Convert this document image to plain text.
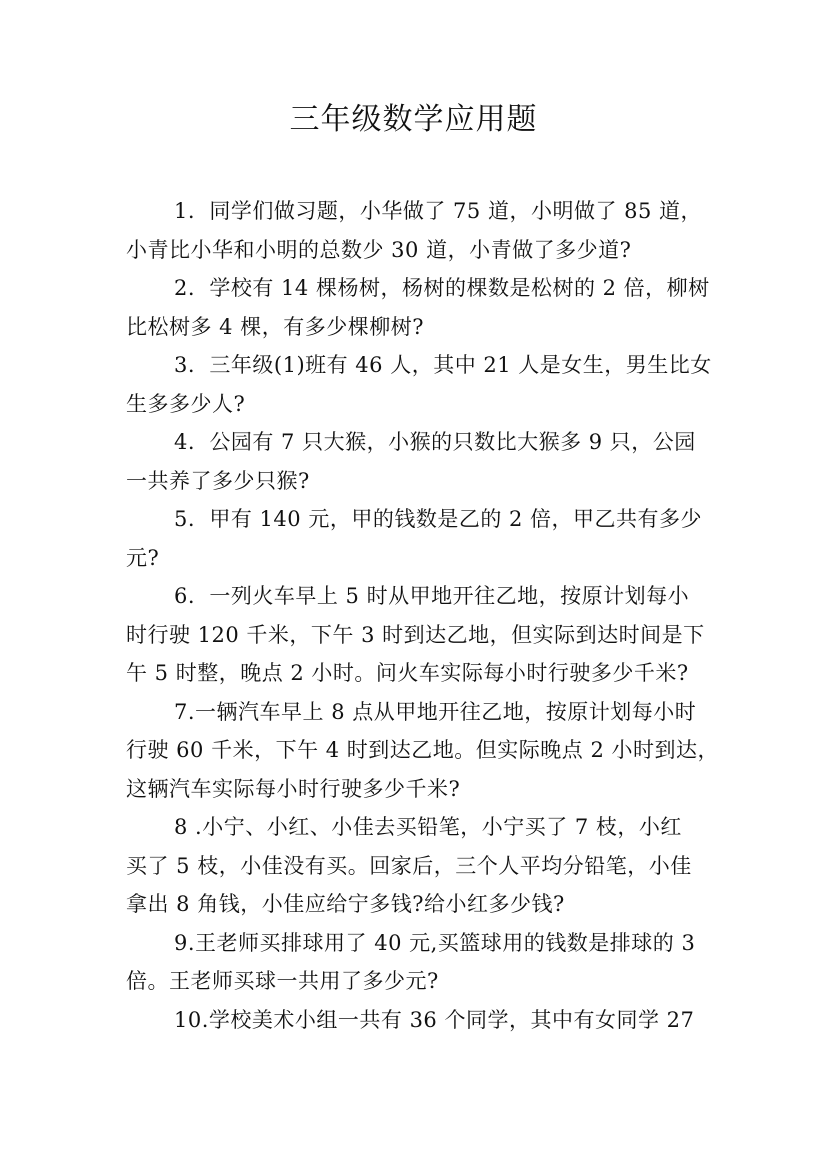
三年级数学应用题
1.  同学们做习题，小华做了 75 道，小明做了 85 道，
小青比小华和小明的总数少 30 道，小青做了多少道?
2.  学校有 14 棵杨树，杨树的棵数是松树的 2 倍，柳树
比松树多 4 棵，有多少棵柳树?
3.  三年级(1)班有 46 人，其中 21 人是女生，男生比女
生多多少人?
4.  公园有 7 只大猴，小猴的只数比大猴多 9 只，公园
一共养了多少只猴?
5.  甲有 140 元，甲的钱数是乙的 2 倍，甲乙共有多少
元?
6.  一列火车早上 5 时从甲地开往乙地，按原计划每小
时行驶 120 千米，下午 3 时到达乙地，但实际到达时间是下
午 5 时整，晚点 2 小时。问火车实际每小时行驶多少千米?
7.一辆汽车早上 8 点从甲地开往乙地，按原计划每小时
行驶 60 千米，下午 4 时到达乙地。但实际晚点 2 小时到达，
这辆汽车实际每小时行驶多少千米?
8 .小宁、小红、小佳去买铅笔，小宁买了 7 枝，小红
买了 5 枝，小佳没有买。回家后，三个人平均分铅笔，小佳
拿出 8 角钱，小佳应给宁多钱?给小红多少钱?
9.王老师买排球用了 40 元,买篮球用的钱数是排球的 3
倍。王老师买球一共用了多少元?
10.学校美术小组一共有 36 个同学，其中有女同学 27
